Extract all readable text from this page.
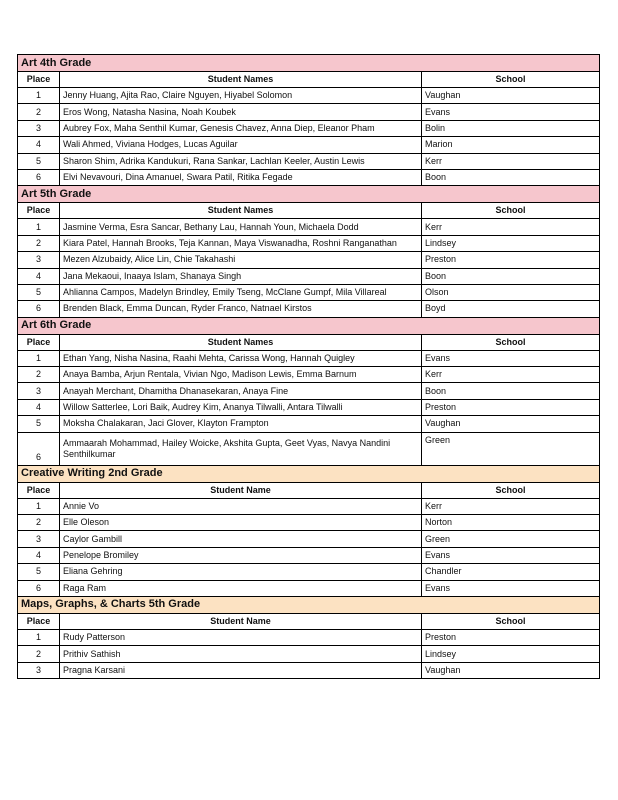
Art 4th Grade		
Place	Student Names	School
1	Jenny Huang, Ajita Rao, Claire Nguyen, Hiyabel Solomon	Vaughan
2	Eros Wong, Natasha Nasina, Noah Koubek	Evans
3	Aubrey Fox, Maha Senthil Kumar, Genesis Chavez, Anna Diep, Eleanor Pham	Bolin
4	Wali Ahmed, Viviana Hodges, Lucas Aguilar	Marion
5	Sharon Shim, Adrika Kandukuri, Rana Sankar, Lachlan Keeler, Austin Lewis	Kerr
6	Elvi Nevavouri, Dina Amanuel, Swara Patil, Ritika Fegade	Boon
Art 5th Grade		
Place	Student Names	School
1	Jasmine Verma, Esra Sancar, Bethany Lau, Hannah Youn, Michaela Dodd	Kerr
2	Kiara Patel, Hannah Brooks, Teja Kannan, Maya Viswanadha, Roshni Ranganathan	Lindsey
3	Mezen Alzubaidy, Alice Lin, Chie Takahashi	Preston
4	Jana Mekaoui, Inaaya Islam, Shanaya Singh	Boon
5	Ahlianna Campos, Madelyn Brindley, Emily Tseng, McClane Gumpf, Mila Villareal	Olson
6	Brenden Black, Emma Duncan, Ryder Franco, Natnael Kirstos	Boyd
Art 6th Grade		
Place	Student Names	School
1	Ethan Yang, Nisha Nasina, Raahi Mehta, Carissa Wong, Hannah Quigley	Evans
2	Anaya Bamba, Arjun Rentala, Vivian Ngo, Madison Lewis, Emma Barnum	Kerr
3	Anayah Merchant, Dhamitha Dhanasekaran, Anaya Fine	Boon
4	Willow Satterlee, Lori Baik, Audrey Kim, Ananya Tilwalli, Antara Tilwalli	Preston
5	Moksha Chalakaran, Jaci Glover, Klayton Frampton	Vaughan
6	Ammaarah Mohammad, Hailey Woicke, Akshita Gupta, Geet Vyas, Navya Nandini Senthilkumar	Green
Creative Writing 2nd Grade		
Place	Student Name	School
1	Annie Vo	Kerr
2	Elle Oleson	Norton
3	Caylor Gambill	Green
4	Penelope Bromiley	Evans
5	Eliana Gehring	Chandler
6	Raga Ram	Evans
Maps, Graphs, & Charts 5th Grade		
Place	Student Name	School
1	Rudy Patterson	Preston
2	Prithiv Sathish	Lindsey
3	Pragna Karsani	Vaughan
